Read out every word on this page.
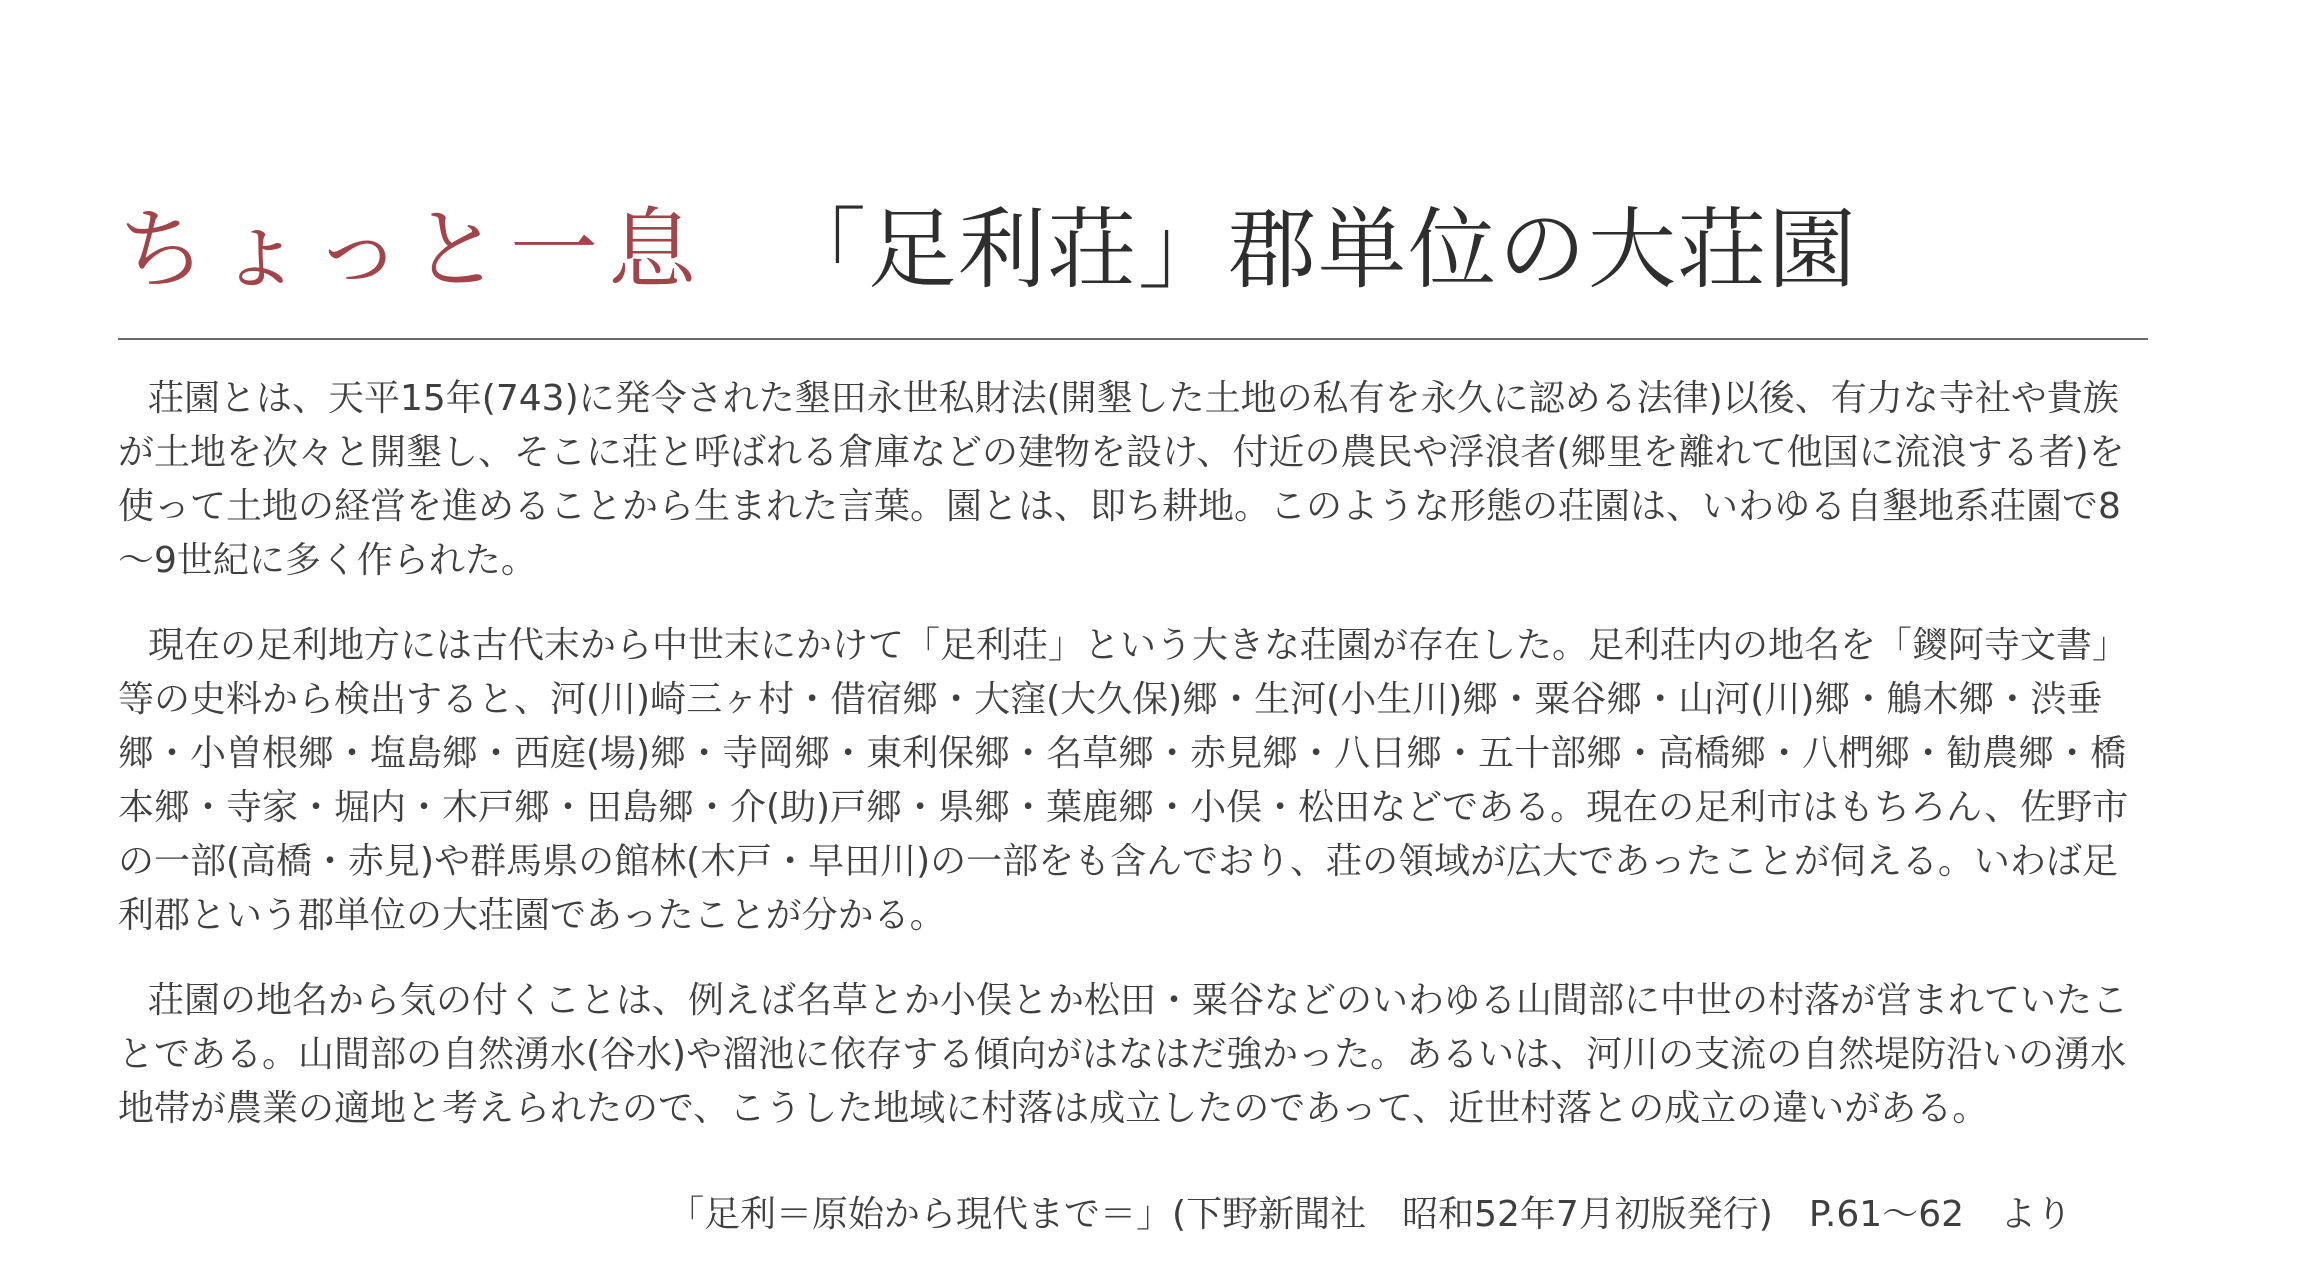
ちょっと一息 「足利荘」郡単位の大荘園

荘園とは、天平15年(743)に発令された墾田永世私財法(開墾した土地の私有を永久に認める法律)以後、有力な寺社や貴族が土地を次々と開墾し、そこに荘と呼ばれる倉庫などの建物を設け、付近の農民や浮浪者(郷里を離れて他国に流浪する者)を使って土地の経営を進めることから生まれた言葉。園とは、即ち耕地。このような形態の荘園は、いわゆる自墾地系荘園で8～9世紀に多く作られた。

現在の足利地方には古代末から中世末にかけて「足利荘」という大きな荘園が存在した。足利荘内の地名を「鑁阿寺文書」等の史料から検出すると、河(川)崎三ヶ村・借宿郷・大窪(大久保)郷・生河(小生川)郷・粟谷郷・山河(川)郷・鵤木郷・渋垂郷・小曽根郷・塩島郷・西庭(場)郷・寺岡郷・東利保郷・名草郷・赤見郷・八日郷・五十部郷・高橋郷・八椚郷・勧農郷・橋本郷・寺家・堀内・木戸郷・田島郷・介(助)戸郷・県郷・葉鹿郷・小俣・松田などである。現在の足利市はもちろん、佐野市の一部(高橋・赤見)や群馬県の館林(木戸・早田川)の一部をも含んでおり、荘の領域が広大であったことが伺える。いわば足利郡という郡単位の大荘園であったことが分かる。

荘園の地名から気の付くことは、例えば名草とか小俣とか松田・粟谷などのいわゆる山間部に中世の村落が営まれていたことである。山間部の自然湧水(谷水)や溜池に依存する傾向がはなはだ強かった。あるいは、河川の支流の自然堤防沿いの湧水地帯が農業の適地と考えられたので、こうした地域に村落は成立したのであって、近世村落との成立の違いがある。

「足利＝原始から現代まで＝」(下野新聞社　昭和52年7月初版発行)　P.61～62　より
